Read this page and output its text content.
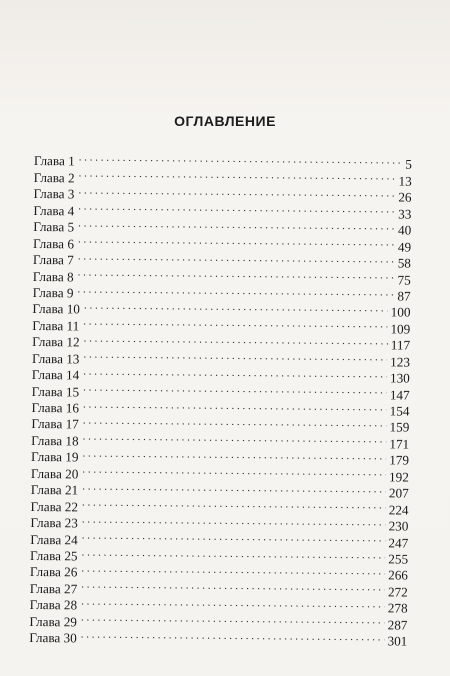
ОГЛАВЛЕНИЕ
Глава 1 . . .	5
Глава 2 . . .	13
Глава 3 . . .	26
Глава 4 . . .	33
Глава 5 . . .	40
Глава 6 . . .	49
Глава 7 . . .	58
Глава 8 . . .	75
Глава 9 . . .	87
Глава 10 . . .	100
Глава 11 . . .	109
Глава 12 . . .	117
Глава 13 . . .	123
Глава 14 . . .	130
Глава 15 . . .	147
Глава 16 . . .	154
Глава 17 . . .	159
Глава 18 . . .	171
Глава 19 . . .	179
Глава 20 . . .	192
Глава 21 . . .	207
Глава 22 . . .	224
Глава 23 . . .	230
Глава 24 . . .	247
Глава 25 . . .	255
Глава 26 . . .	266
Глава 27 . . .	272
Глава 28 . . .	278
Глава 29 . . .	287
Глава 30 . . .	301
